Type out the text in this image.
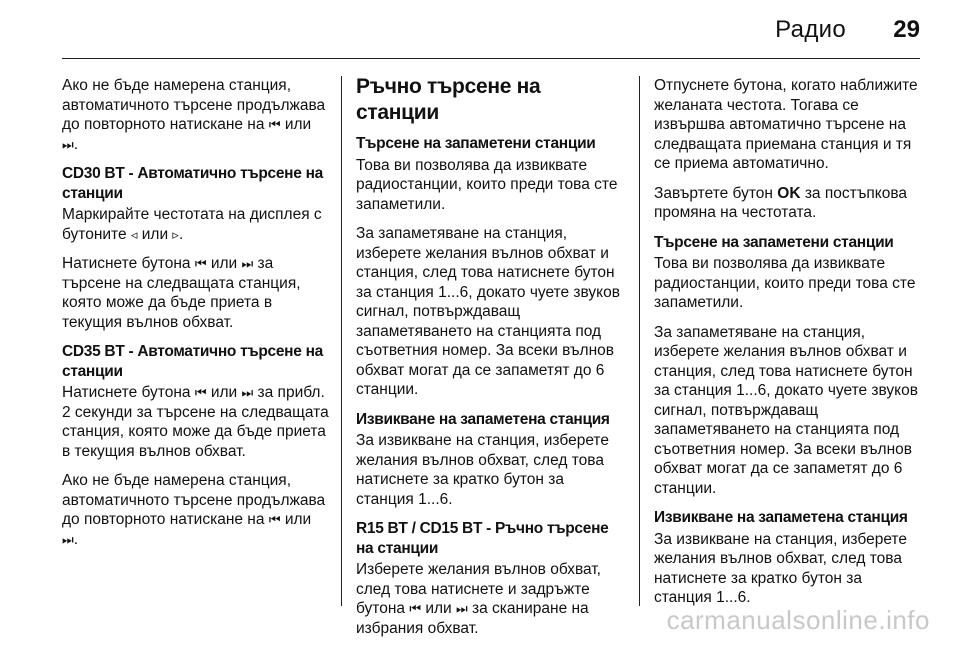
Радио 29

Ако не бъде намерена станция, автоматичното търсене продължава до повторното натискане на ⏮ или ⏭.

CD30 BT - Автоматично търсене на станции

Маркирайте честотата на дисплея с бутоните ◃ или ▹.

Натиснете бутона ⏮ или ⏭ за търсене на следващата станция, която може да бъде приета в текущия вълнов обхват.

CD35 BT - Автоматично търсене на станции

Натиснете бутона ⏮ или ⏭ за прибл. 2 секунди за търсене на следващата станция, която може да бъде приета в текущия вълнов обхват.

Ако не бъде намерена станция, автоматичното търсене продължава до повторното натискане на ⏮ или ⏭.

Ръчно търсене на станции
Търсене на запаметени станции

Това ви позволява да извиквате радиостанции, които преди това сте запаметили.

За запаметяване на станция, изберете желания вълнов обхват и станция, след това натиснете бутон за станция 1...6, докато чуете звуков сигнал, потвърждаващ запаметяването на станцията под съответния номер. За всеки вълнов обхват могат да се запаметят до 6 станции.

Извикване на запаметена станция

За извикване на станция, изберете желания вълнов обхват, след това натиснете за кратко бутон за станция 1...6.

R15 BT / CD15 BT - Ръчно търсене на станции

Изберете желания вълнов обхват, след това натиснете и задръжте бутона ⏮ или ⏭ за сканиране на избрания обхват.

Отпуснете бутона, когато наближите желаната честота. Тогава се извършва автоматично търсене на следващата приемана станция и тя се приема автоматично.

Завъртете бутон OK за постъпкова промяна на честотата.

Търсене на запаметени станции

Това ви позволява да извиквате радиостанции, които преди това сте запаметили.

За запаметяване на станция, изберете желания вълнов обхват и станция, след това натиснете бутон за станция 1...6, докато чуете звуков сигнал, потвърждаващ запаметяването на станцията под съответния номер. За всеки вълнов обхват могат да се запаметят до 6 станции.

Извикване на запаметена станция

За извикване на станция, изберете желания вълнов обхват, след това натиснете за кратко бутон за станция 1...6.

carmanualsonline.info
